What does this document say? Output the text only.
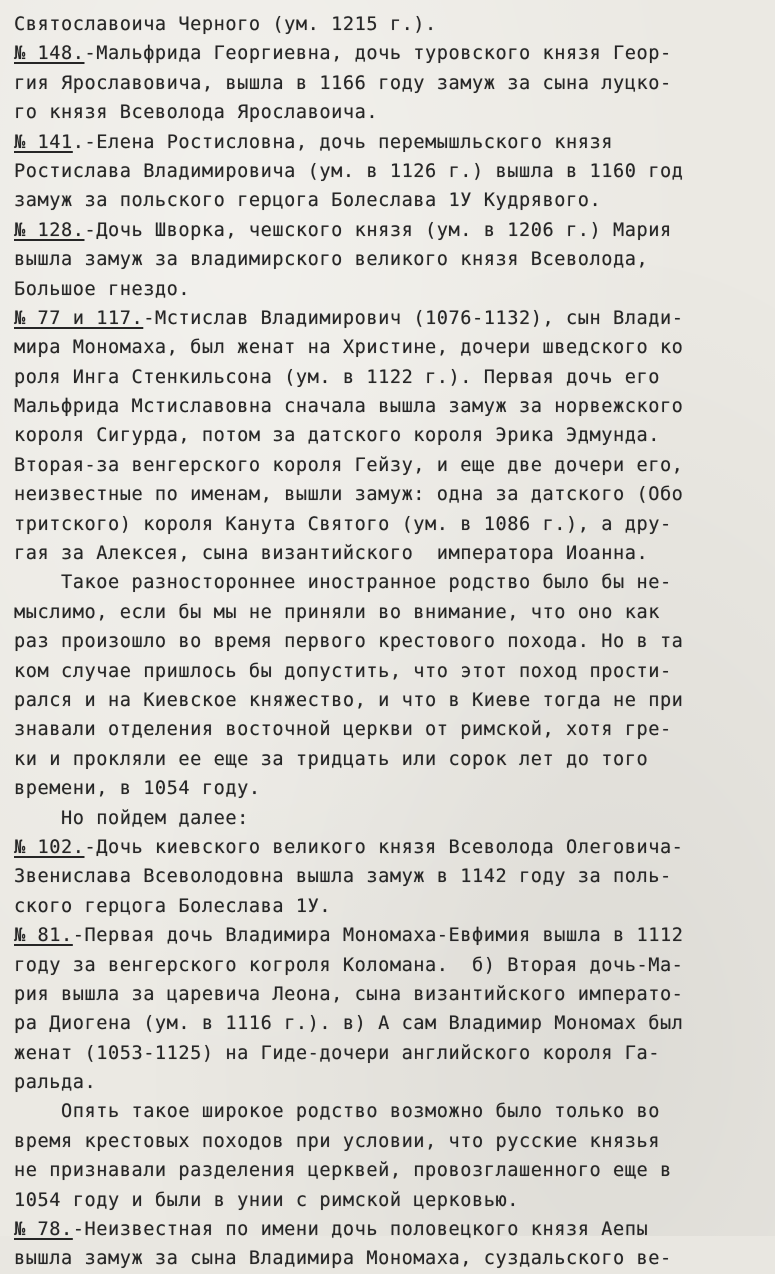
Святославоича Черного (ум. 1215 г.).
№ 148.-Мальфрида Георгиевна, дочь туровского князя Геор-
гия Ярославовича, вышла в 1166 году замуж за сына луцко-
го князя Всеволода Ярославоича.
№ 141.-Елена Ростисловна, дочь перемышльского князя
Ростислава Владимировича (ум. в 1126 г.) вышла в 1160 год
замуж за польского герцога Болеслава 1У Кудрявого.
№ 128.-Дочь Шворка, чешского князя (ум. в 1206 г.) Мария
вышла замуж за владимирского великого князя Всеволода,
Большое гнездо.
№ 77 и 117.-Мстислав Владимирович (1076-1132), сын Влади-
мира Мономаха, был женат на Христине, дочери шведского ко
роля Инга Стенкильсона (ум. в 1122 г.). Первая дочь его
Мальфрида Мстиславовна сначала вышла замуж за норвежского
короля Сигурда, потом за датского короля Эрика Эдмунда.
Вторая-за венгерского короля Гейзу, и еще две дочери его,
неизвестные по именам, вышли замуж: одна за датского (Обо
тритского) короля Канута Святого (ум. в 1086 г.), а дру-
гая за Алексея, сына византийского  императора Иоанна.
Такое разностороннее иностранное родство было бы не-
мыслимо, если бы мы не приняли во внимание, что оно как
раз произошло во время первого крестового похода. Но в та
ком случае пришлось бы допустить, что этот поход прости-
рался и на Киевское княжество, и что в Киеве тогда не при
знавали отделения восточной церкви от римской, хотя гре-
ки и прокляли ее еще за тридцать или сорок лет до того
времени, в 1054 году.
Но пойдем далее:
№ 102.-Дочь киевского великого князя Всеволода Олеговича-
Звенислава Всеволодовна вышла замуж в 1142 году за поль-
ского герцога Болеслава 1У.
№ 81.-Первая дочь Владимира Мономаха-Евфимия вышла в 1112
году за венгерского когроля Коломана.  б) Вторая дочь-Ма-
рия вышла за царевича Леона, сына византийского императо-
ра Диогена (ум. в 1116 г.). в) А сам Владимир Мономах был
женат (1053-1125) на Гиде-дочери английского короля Гa-
ральда.
Опять такое широкое родство возможно было только во
время крестовых походов при условии, что русские князья
не признавали разделения церквей, провозглашенного еще в
1054 году и были в унии с римской церковью.
№ 78.-Неизвестная по имени дочь половецкого князя Аепы
вышла замуж за сына Владимира Мономаха, суздальского ве-
